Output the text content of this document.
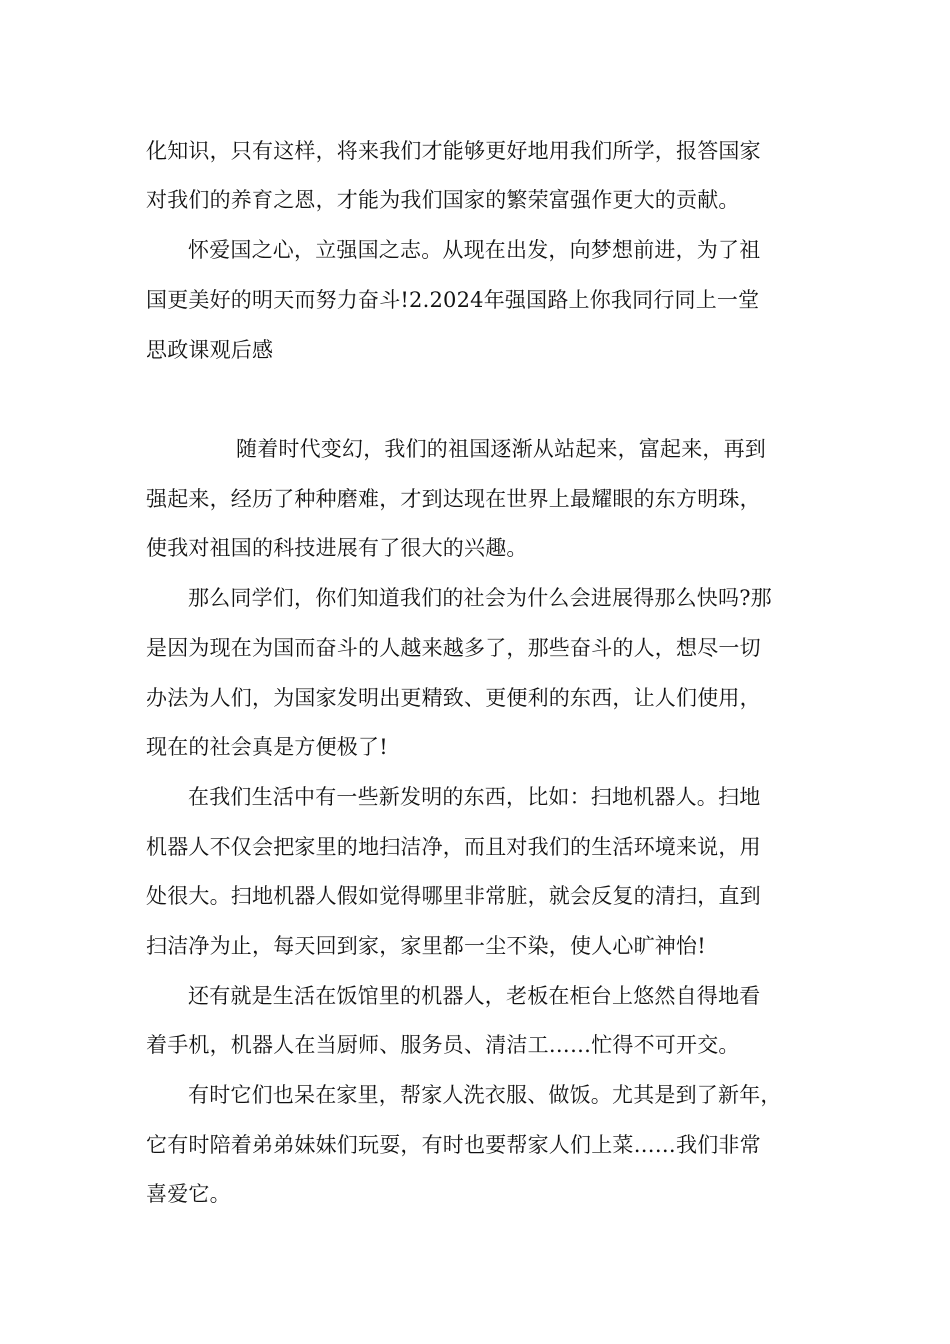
化知识，只有这样，将来我们才能够更好地用我们所学，报答国家
对我们的养育之恩，才能为我们国家的繁荣富强作更大的贡献。
怀爱国之心，立强国之志。从现在出发，向梦想前进，为了祖
国更美好的明天而努力奋斗!2.2024年强国路上你我同行同上一堂
思政课观后感
随着时代变幻，我们的祖国逐渐从站起来，富起来，再到
强起来，经历了种种磨难，才到达现在世界上最耀眼的东方明珠，
使我对祖国的科技进展有了很大的兴趣。
那么同学们，你们知道我们的社会为什么会进展得那么快吗?那
是因为现在为国而奋斗的人越来越多了，那些奋斗的人，想尽一切
办法为人们，为国家发明出更精致、更便利的东西，让人们使用，
现在的社会真是方便极了!
在我们生活中有一些新发明的东西，比如：扫地机器人。扫地
机器人不仅会把家里的地扫洁净，而且对我们的生活环境来说，用
处很大。扫地机器人假如觉得哪里非常脏，就会反复的清扫，直到
扫洁净为止，每天回到家，家里都一尘不染，使人心旷神怡!
还有就是生活在饭馆里的机器人，老板在柜台上悠然自得地看
着手机，机器人在当厨师、服务员、清洁工……忙得不可开交。
有时它们也呆在家里，帮家人洗衣服、做饭。尤其是到了新年，
它有时陪着弟弟妹妹们玩耍，有时也要帮家人们上菜……我们非常
喜爱它。
